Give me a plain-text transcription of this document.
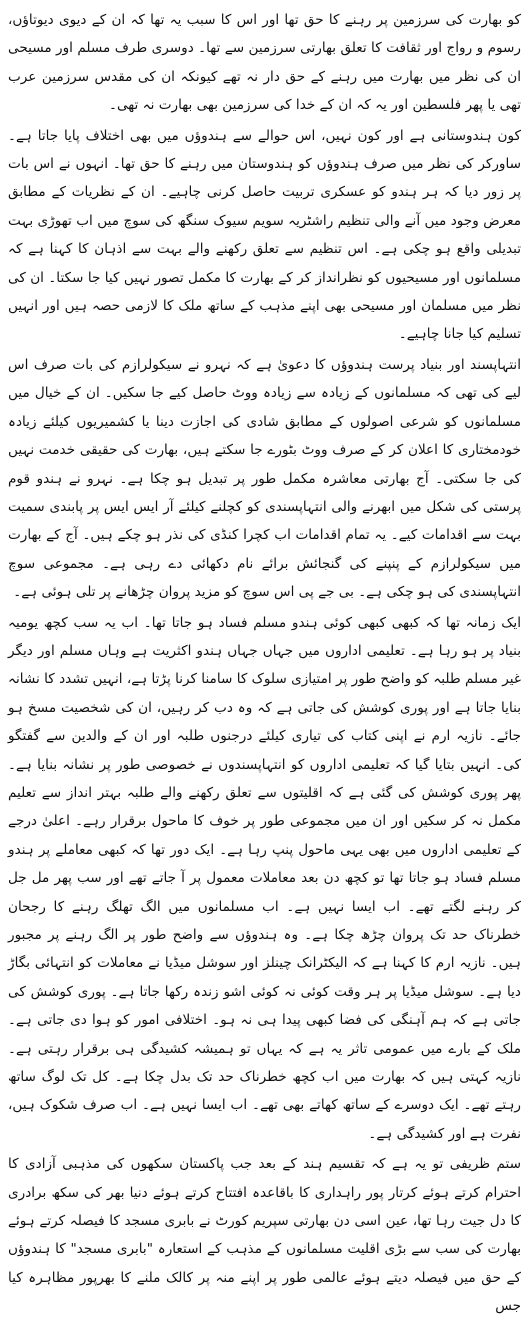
کو بھارت کی سرزمین پر رہنے کا حق تھا اور اس کا سبب یہ تھا کہ ان کے دیوی دیوتاؤں، رسوم و رواج اور ثقافت کا تعلق بھارتی سرزمین سے تھا۔ دوسری طرف مسلم اور مسیحی ان کی نظر میں بھارت میں رہنے کے حق دار نہ تھے کیونکہ ان کی مقدس سرزمین عرب تھی یا پھر فلسطین اور یہ کہ ان کے خدا کی سرزمین بھی بھارت نہ تھی۔

کون ہندوستانی ہے اور کون نہیں، اس حوالے سے ہندوؤں میں بھی اختلاف پایا جاتا ہے۔ ساورکر کی نظر میں صرف ہندوؤں کو ہندوستان میں رہنے کا حق تھا۔ انہوں نے اس بات پر زور دیا کہ ہر ہندو کو عسکری تربیت حاصل کرنی چاہیے۔ ان کے نظریات کے مطابق معرض وجود میں آنے والی تنظیم راشٹریہ سویم سیوک سنگھ کی سوچ میں اب تھوڑی بہت تبدیلی واقع ہو چکی ہے۔ اس تنظیم سے تعلق رکھنے والے بہت سے اذہان کا کہنا ہے کہ مسلمانوں اور مسیحیوں کو نظرانداز کر کے بھارت کا مکمل تصور نہیں کیا جا سکتا۔ ان کی نظر میں مسلمان اور مسیحی بھی اپنے مذہب کے ساتھ ملک کا لازمی حصہ ہیں اور انہیں تسلیم کیا جانا چاہیے۔

انتہاپسند اور بنیاد پرست ہندوؤں کا دعویٰ ہے کہ نہرو نے سیکولرازم کی بات صرف اس لیے کی تھی کہ مسلمانوں کے زیادہ سے زیادہ ووٹ حاصل کیے جا سکیں۔ ان کے خیال میں مسلمانوں کو شرعی اصولوں کے مطابق شادی کی اجازت دینا یا کشمیریوں کیلئے زیادہ خودمختاری کا اعلان کر کے صرف ووٹ بٹورے جا سکتے ہیں، بھارت کی حقیقی خدمت نہیں کی جا سکتی۔ آج بھارتی معاشرہ مکمل طور پر تبدیل ہو چکا ہے۔ نہرو نے ہندو قوم پرستی کی شکل میں ابھرنے والی انتہاپسندی کو کچلنے کیلئے آر ایس ایس پر پابندی سمیت بہت سے اقدامات کیے۔ یہ تمام اقدامات اب کچرا کنڈی کی نذر ہو چکے ہیں۔ آج کے بھارت میں سیکولرازم کے پنپنے کی گنجائش برائے نام دکھائی دے رہی ہے۔ مجموعی سوچ انتہاپسندی کی ہو چکی ہے۔ بی جے پی اس سوچ کو مزید پروان چڑھانے پر تلی ہوئی ہے۔

ایک زمانہ تھا کہ کبھی کبھی کوئی ہندو مسلم فساد ہو جاتا تھا۔ اب یہ سب کچھ یومیہ بنیاد پر ہو رہا ہے۔ تعلیمی اداروں میں جہاں جہاں ہندو اکثریت ہے وہاں مسلم اور دیگر غیر مسلم طلبہ کو واضح طور پر امتیازی سلوک کا سامنا کرنا پڑتا ہے، انہیں تشدد کا نشانہ بنایا جاتا ہے اور پوری کوشش کی جاتی ہے کہ وہ دب کر رہیں، ان کی شخصیت مسخ ہو جائے۔ نازیہ ارم نے اپنی کتاب کی تیاری کیلئے درجنوں طلبہ اور ان کے والدین سے گفتگو کی۔ انہیں بتایا گیا کہ تعلیمی اداروں کو انتہاپسندوں نے خصوصی طور پر نشانہ بنایا ہے۔ پھر پوری کوشش کی گئی ہے کہ اقلیتوں سے تعلق رکھنے والے طلبہ بہتر انداز سے تعلیم مکمل نہ کر سکیں اور ان میں مجموعی طور پر خوف کا ماحول برقرار رہے۔ اعلیٰ درجے کے تعلیمی اداروں میں بھی یہی ماحول پنپ رہا ہے۔ ایک دور تھا کہ کبھی معاملے پر ہندو مسلم فساد ہو جاتا تھا تو کچھ دن بعد معاملات معمول پر آ جاتے تھے اور سب پھر مل جل کر رہنے لگتے تھے۔ اب ایسا نہیں ہے۔ اب مسلمانوں میں الگ تھلگ رہنے کا رجحان خطرناک حد تک پروان چڑھ چکا ہے۔ وہ ہندوؤں سے واضح طور پر الگ رہنے پر مجبور ہیں۔ نازیہ ارم کا کہنا ہے کہ الیکٹرانک چینلز اور سوشل میڈیا نے معاملات کو انتہائی بگاڑ دیا ہے۔ سوشل میڈیا پر ہر وقت کوئی نہ کوئی اشو زندہ رکھا جاتا ہے۔ پوری کوشش کی جاتی ہے کہ ہم آہنگی کی فضا کبھی پیدا ہی نہ ہو۔ اختلافی امور کو ہوا دی جاتی ہے۔ ملک کے بارے میں عمومی تاثر یہ ہے کہ یہاں تو ہمیشہ کشیدگی ہی برقرار رہتی ہے۔ نازیہ کہتی ہیں کہ بھارت میں اب کچھ خطرناک حد تک بدل چکا ہے۔ کل تک لوگ ساتھ رہتے تھے۔ ایک دوسرے کے ساتھ کھاتے بھی تھے۔ اب ایسا نہیں ہے۔ اب صرف شکوک ہیں، نفرت ہے اور کشیدگی ہے۔

ستم ظریفی تو یہ ہے کہ تقسیم ہند کے بعد جب پاکستان سکھوں کی مذہبی آزادی کا احترام کرتے ہوئے کرتار پور راہداری کا باقاعدہ افتتاح کرتے ہوئے دنیا بھر کی سکھ برادری کا دل جیت رہا تھا، عین اسی دن بھارتی سپریم کورٹ نے بابری مسجد کا فیصلہ کرتے ہوئے بھارت کی سب سے بڑی اقلیت مسلمانوں کے مذہب کے استعارہ "بابری مسجد" کا ہندوؤں کے حق میں فیصلہ دیتے ہوئے عالمی طور پر اپنے منہ پر کالک ملنے کا بھرپور مظاہرہ کیا جس
